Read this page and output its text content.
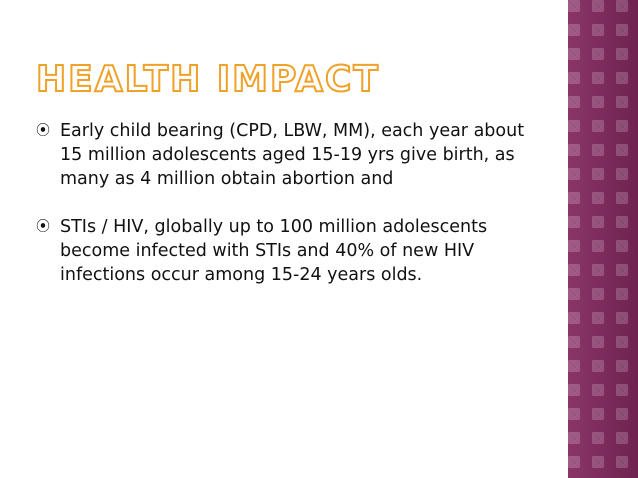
HEALTH IMPACT
⦿ Early child bearing (CPD, LBW, MM), each year about 15 million adolescents aged 15-19 yrs give birth, as many as 4 million obtain abortion and
⦿ STIs / HIV, globally up to 100 million adolescents become infected with STIs and 40% of new HIV infections occur among 15-24 years olds.
